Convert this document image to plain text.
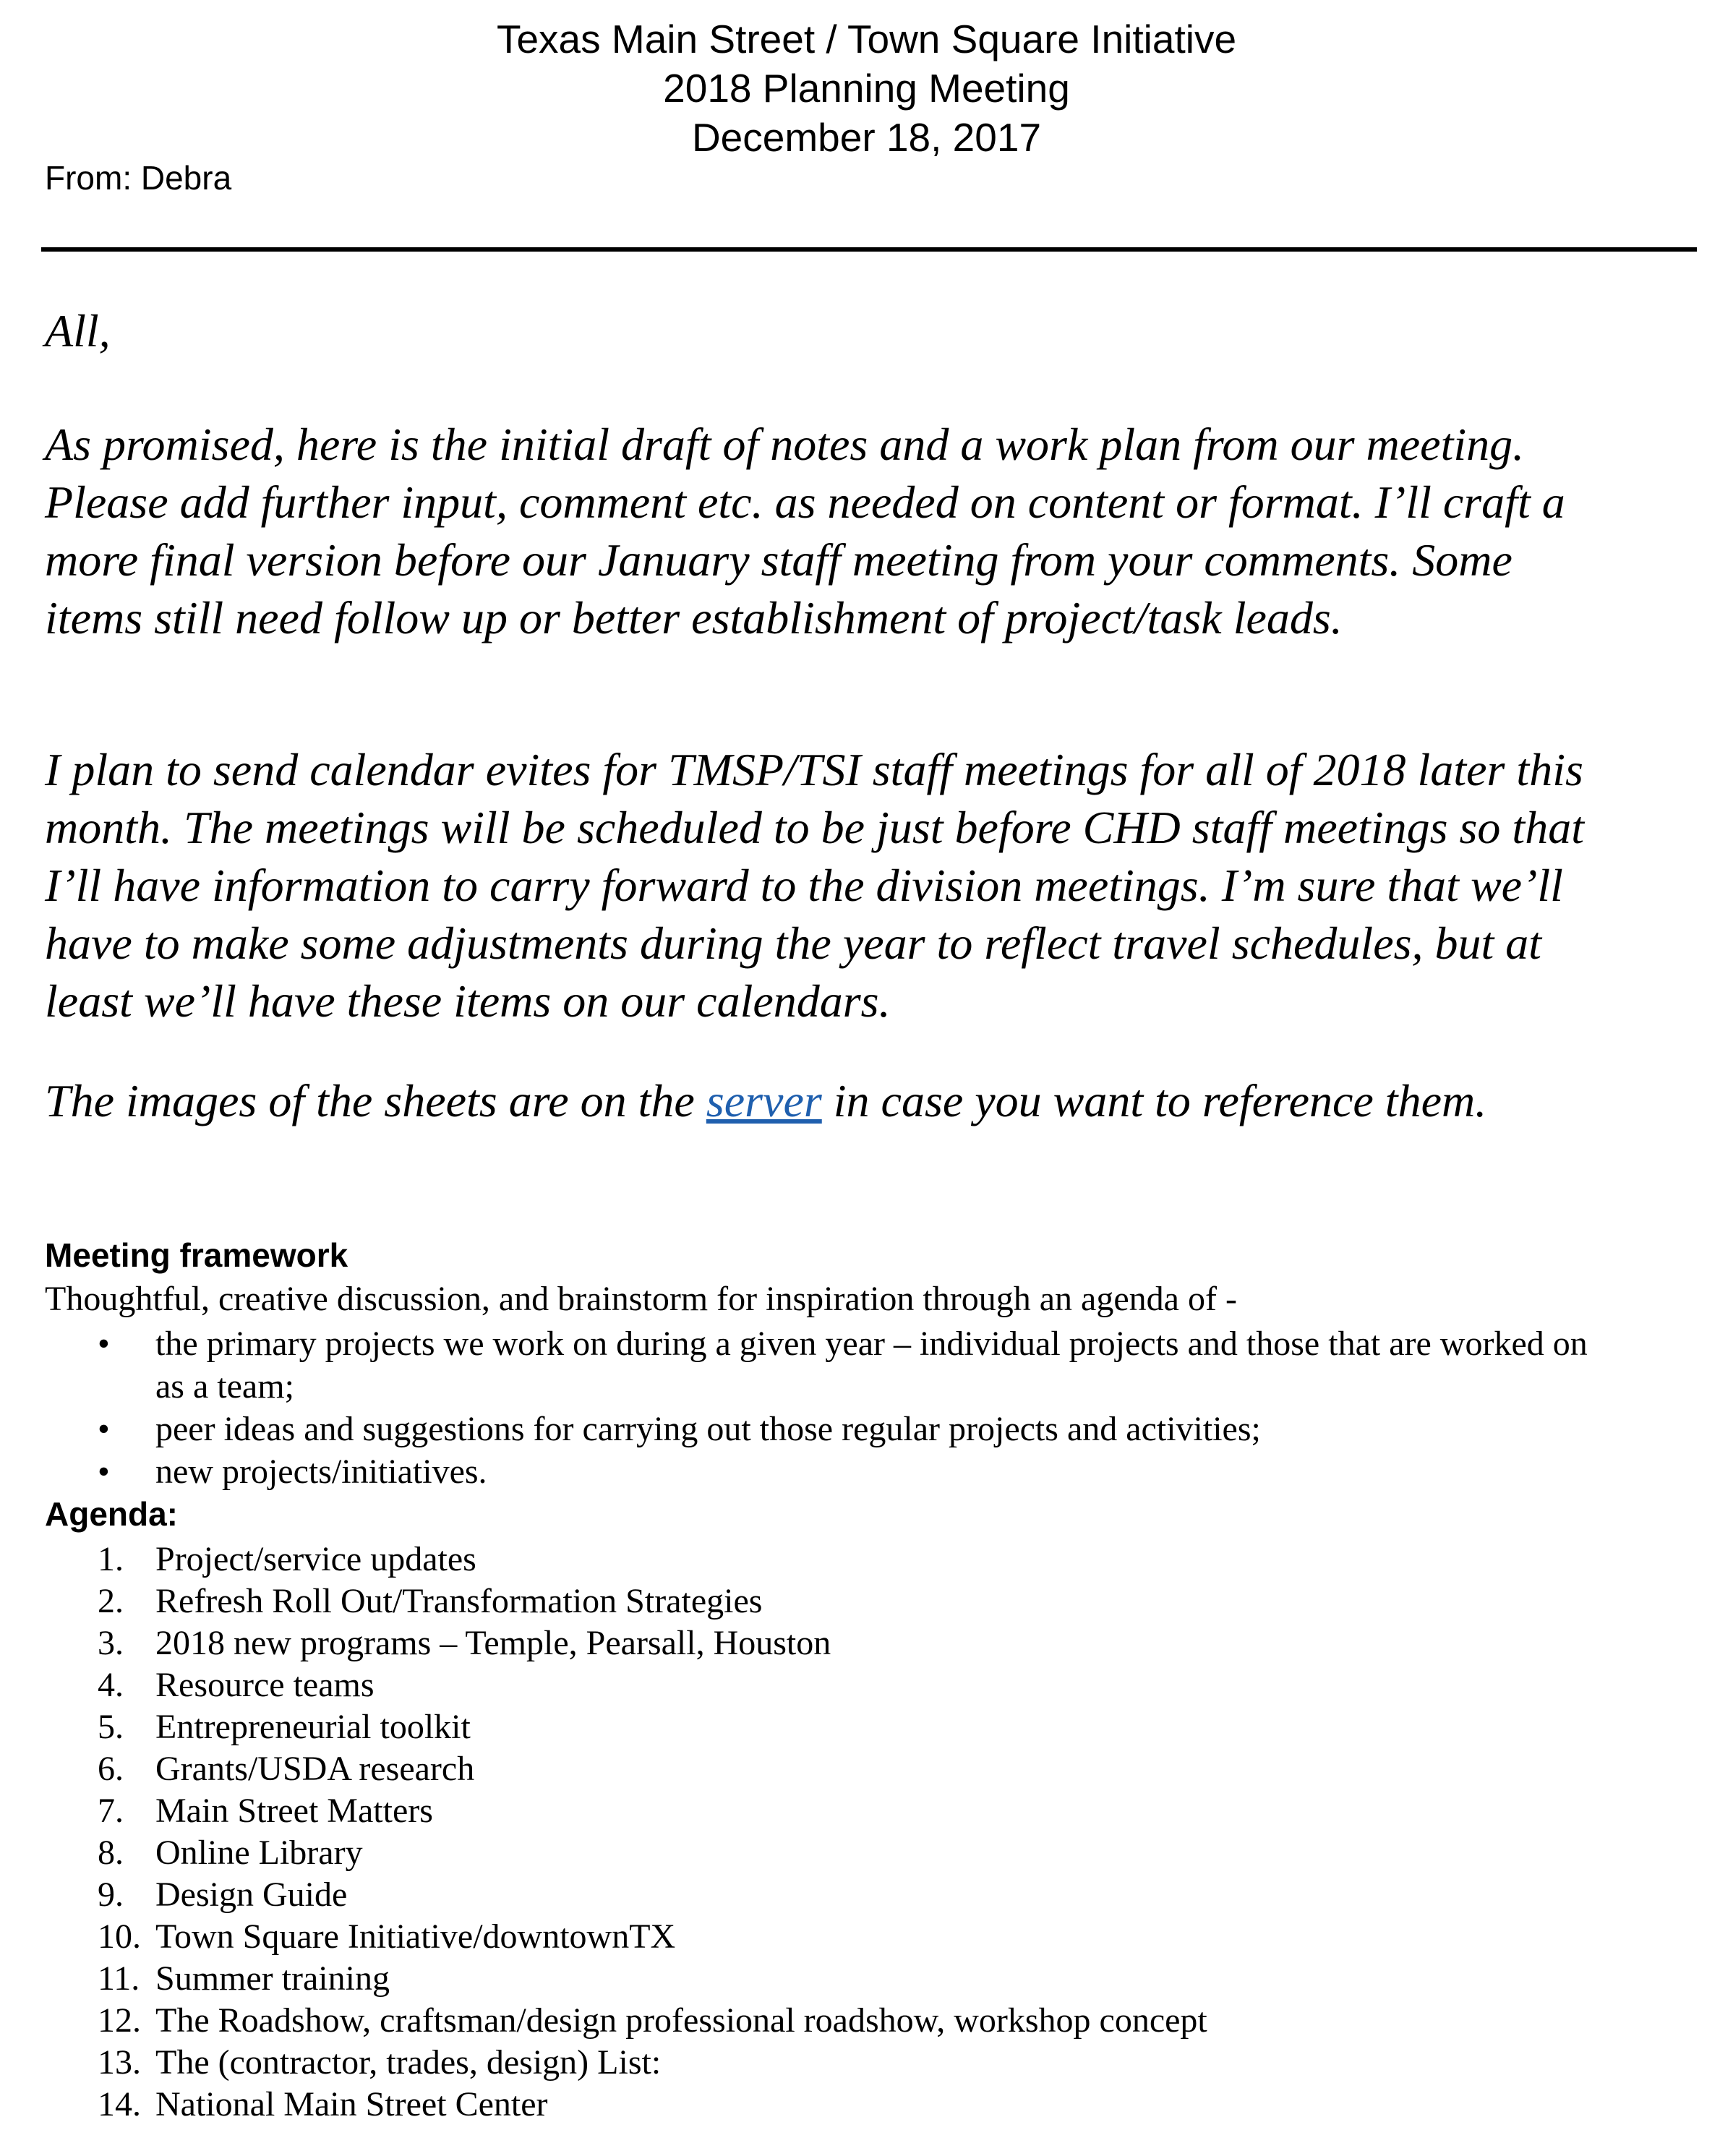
Texas Main Street / Town Square Initiative
2018 Planning Meeting
December 18, 2017
From: Debra
All,
As promised, here is the initial draft of notes and a work plan from our meeting.
Please add further input, comment etc. as needed on content or format. I’ll craft a
more final version before our January staff meeting from your comments. Some
items still need follow up or better establishment of project/task leads.
I plan to send calendar evites for TMSP/TSI staff meetings for all of 2018 later this
month. The meetings will be scheduled to be just before CHD staff meetings so that
I’ll have information to carry forward to the division meetings. I’m sure that we’ll
have to make some adjustments during the year to reflect travel schedules, but at
least we’ll have these items on our calendars.
The images of the sheets are on the server in case you want to reference them.
Meeting framework
Thoughtful, creative discussion, and brainstorm for inspiration through an agenda of -
• the primary projects we work on during a given year – individual projects and those that are worked on
as a team;
• peer ideas and suggestions for carrying out those regular projects and activities;
• new projects/initiatives.
Agenda:
1. Project/service updates
2. Refresh Roll Out/Transformation Strategies
3. 2018 new programs – Temple, Pearsall, Houston
4. Resource teams
5. Entrepreneurial toolkit
6. Grants/USDA research
7. Main Street Matters
8. Online Library
9. Design Guide
10. Town Square Initiative/downtownTX
11. Summer training
12. The Roadshow, craftsman/design professional roadshow, workshop concept
13. The (contractor, trades, design) List:
14. National Main Street Center
